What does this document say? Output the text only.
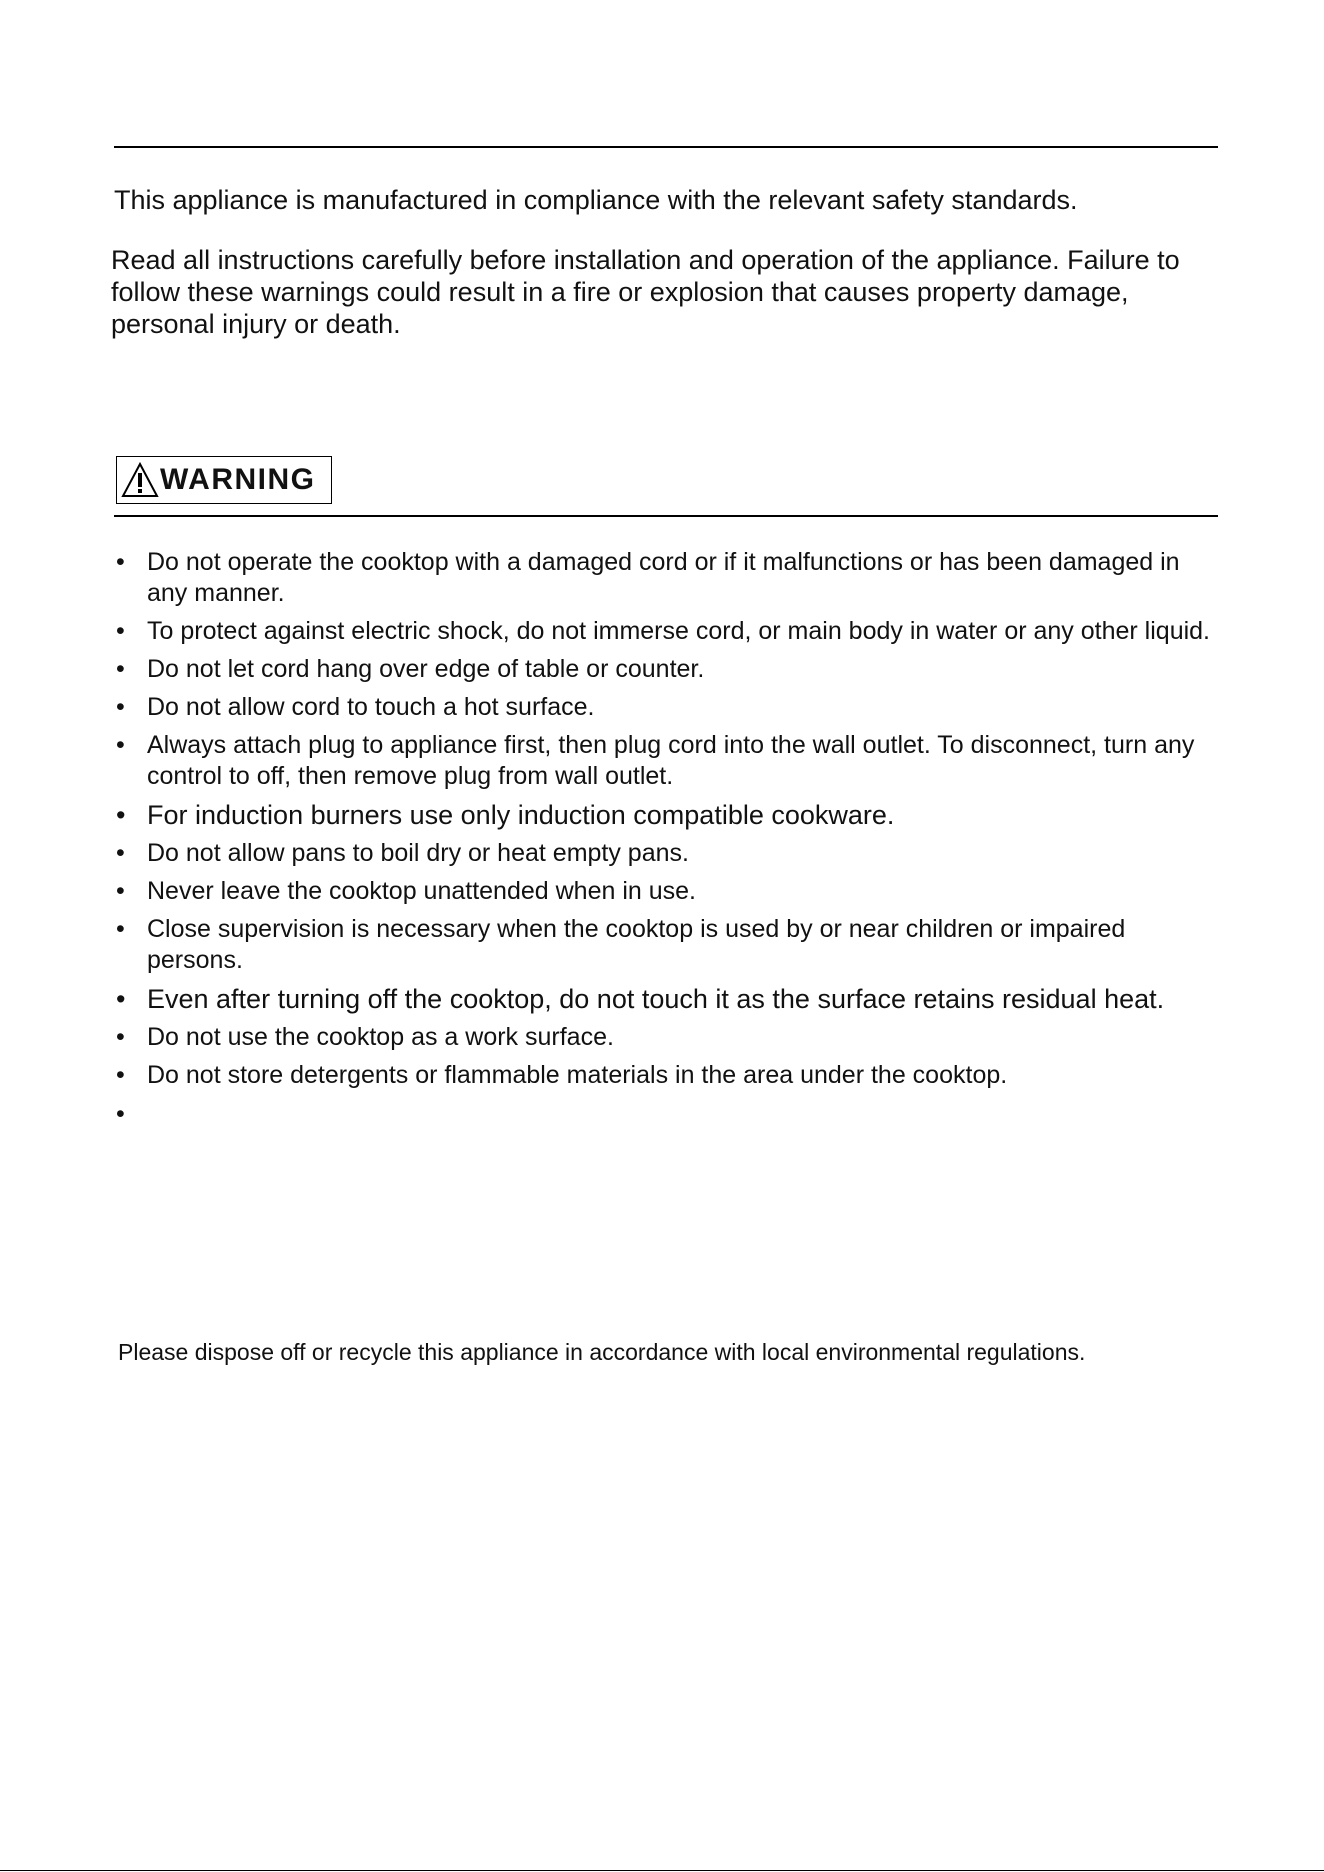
This appliance is manufactured in compliance with the relevant safety standards.

Read all instructions carefully before installation and operation of the appliance. Failure to follow these warnings could result in a fire or explosion that causes property damage, personal injury or death.

WARNING
• Do not operate the cooktop with a damaged cord or if it malfunctions or has been damaged in any manner.
• To protect against electric shock, do not immerse cord, or main body in water or any other liquid.
• Do not let cord hang over edge of table or counter.
• Do not allow cord to touch a hot surface.
• Always attach plug to appliance first, then plug cord into the wall outlet. To disconnect, turn any control to off, then remove plug from wall outlet.
• For induction burners use only induction compatible cookware.
• Do not allow pans to boil dry or heat empty pans.
• Never leave the cooktop unattended when in use.
• Close supervision is necessary when the cooktop is used by or near children or impaired persons.
• Even after turning off the cooktop, do not touch it as the surface retains residual heat.
• Do not use the cooktop as a work surface.
• Do not store detergents or flammable materials in the area under the cooktop.
•

Please dispose off or recycle this appliance in accordance with local environmental regulations.
